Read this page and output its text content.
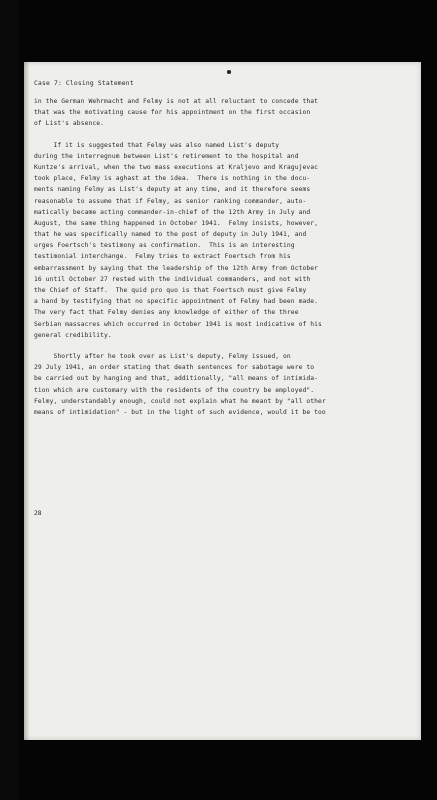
Case 7: Closing Statement
in the German Wehrmacht and Felmy is not at all reluctant to concede that
that was the motivating cause for his appointment on the first occasion
of List's absence.
If it is suggested that Felmy was also named List's deputy
during the interregnum between List's retirement to the hospital and
Kuntze's arrival, when the two mass executions at Kraljevo and Kragujevac
took place, Felmy is aghast at the idea.  There is nothing in the docu-
ments naming Felmy as List's deputy at any time, and it therefore seems
reasonable to assume that if Felmy, as senior ranking commander, auto-
matically became acting commander-in-chief of the 12th Army in July and
August, the same thing happened in October 1941.  Felmy insists, however,
that he was specifically named to the post of deputy in July 1941, and
urges Foertsch's testimony as confirmation.  This is an interesting
testimonial interchange.  Felmy tries to extract Foertsch from his
embarrassment by saying that the leadership of the 12th Army from October
16 until October 27 rested with the individual commanders, and not with
the Chief of Staff.  The quid pro quo is that Foertsch must give Felmy
a hand by testifying that no specific appointment of Felmy had been made.
The very fact that Felmy denies any knowledge of either of the three
Serbian massacres which occurred in October 1941 is most indicative of his
general credibility.
Shortly after he took over as List's deputy, Felmy issued, on
29 July 1941, an order stating that death sentences for sabotage were to
be carried out by hanging and that, additionally, "all means of intimida-
tion which are customary with the residents of the country be employed".
Felmy, understandably enough, could not explain what he meant by "all other
means of intimidation" - but in the light of such evidence, would it be too
28
